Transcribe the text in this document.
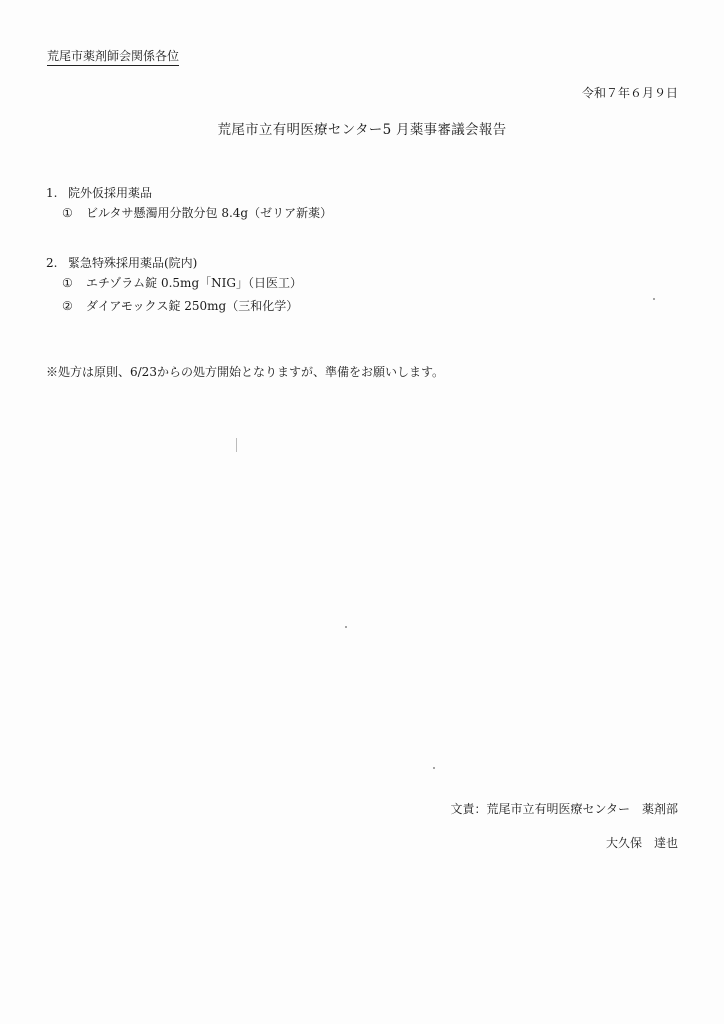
荒尾市薬剤師会関係各位
令和７年６月９日
荒尾市立有明医療センター5 月薬事審議会報告
1. 院外仮採用薬品
① ビルタサ懸濁用分散分包 8.4g（ゼリア新薬）
2. 緊急特殊採用薬品(院内)
① エチゾラム錠 0.5mg「NIG」（日医工）
② ダイアモックス錠 250mg（三和化学）
※処方は原則、6/23からの処方開始となりますが、準備をお願いします。
文責：荒尾市立有明医療センター　薬剤部
大久保　達也
